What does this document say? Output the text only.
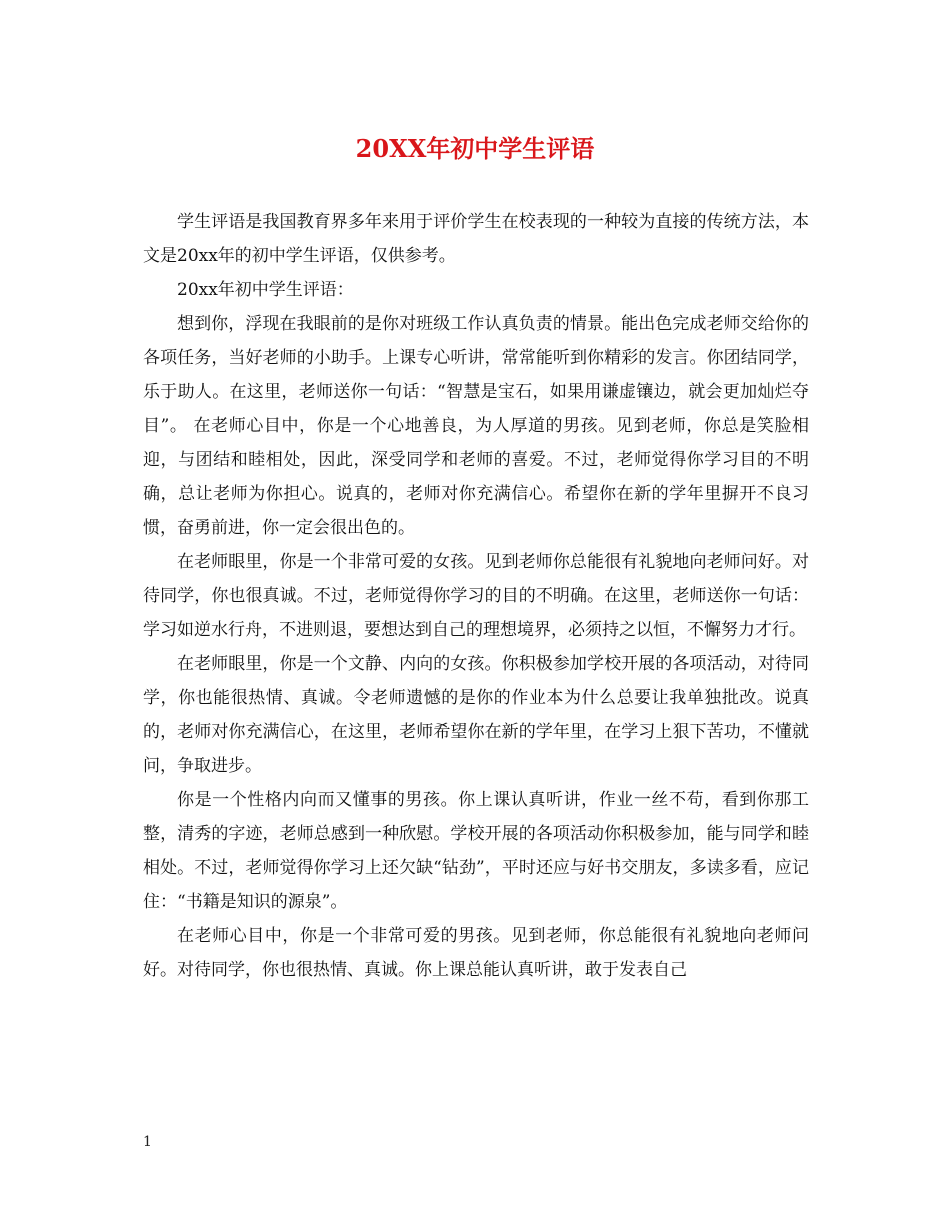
20XX年初中学生评语

学生评语是我国教育界多年来用于评价学生在校表现的一种较为直接的传统方法，本文是20xx年的初中学生评语，仅供参考。

20xx年初中学生评语：

想到你，浮现在我眼前的是你对班级工作认真负责的情景。能出色完成老师交给你的各项任务，当好老师的小助手。上课专心听讲，常常能听到你精彩的发言。你团结同学，乐于助人。在这里，老师送你一句话：“智慧是宝石，如果用谦虚镶边，就会更加灿烂夺目”。 在老师心目中，你是一个心地善良，为人厚道的男孩。见到老师，你总是笑脸相迎，与团结和睦相处，因此，深受同学和老师的喜爱。不过，老师觉得你学习目的不明确，总让老师为你担心。说真的，老师对你充满信心。希望你在新的学年里摒开不良习惯，奋勇前进，你一定会很出色的。

在老师眼里，你是一个非常可爱的女孩。见到老师你总能很有礼貌地向老师问好。对待同学，你也很真诚。不过，老师觉得你学习的目的不明确。在这里，老师送你一句话：学习如逆水行舟，不进则退，要想达到自己的理想境界，必须持之以恒，不懈努力才行。

在老师眼里，你是一个文静、内向的女孩。你积极参加学校开展的各项活动，对待同学，你也能很热情、真诚。令老师遗憾的是你的作业本为什么总要让我单独批改。说真的，老师对你充满信心，在这里，老师希望你在新的学年里，在学习上狠下苦功，不懂就问，争取进步。

你是一个性格内向而又懂事的男孩。你上课认真听讲，作业一丝不苟，看到你那工整，清秀的字迹，老师总感到一种欣慰。学校开展的各项活动你积极参加，能与同学和睦相处。不过，老师觉得你学习上还欠缺“钻劲”，平时还应与好书交朋友，多读多看，应记住：“书籍是知识的源泉”。

在老师心目中，你是一个非常可爱的男孩。见到老师，你总能很有礼貌地向老师问好。对待同学，你也很热情、真诚。你上课总能认真听讲，敢于发表自己

1
